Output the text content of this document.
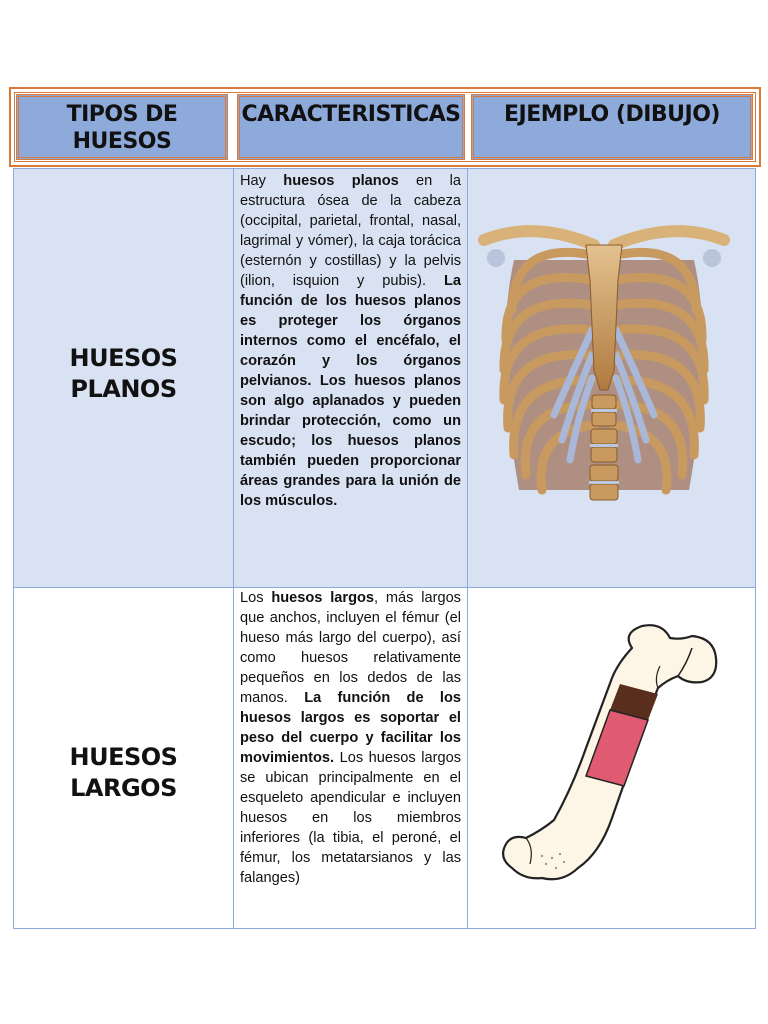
TIPOS DE HUESOS
CARACTERISTICAS	EJEMPLO (DIBUJO)
HUESOS PLANOS
HUESOS LARGOS
Hay huesos planos en la estructura ósea de la cabeza (occipital, parietal, frontal, nasal, lagrimal y vómer), la caja torácica (esternón y costillas) y la pelvis (ilion, isquion y pubis). La función de los huesos planos es proteger los órganos internos como el encéfalo, el corazón y los órganos pelvianos. Los huesos planos son algo aplanados y pueden brindar protección, como un escudo; los huesos planos también pueden proporcionar áreas grandes para la unión de los músculos.
Los huesos largos, más largos que anchos, incluyen el fémur (el hueso más largo del cuerpo), así como huesos relativamente pequeños en los dedos de las manos. La función de los huesos largos es soportar el peso del cuerpo y facilitar los movimientos. Los huesos largos se ubican principalmente en el esqueleto apendicular e incluyen huesos en los miembros inferiores (la tibia, el peroné, el fémur, los metatarsianos y las falanges)
